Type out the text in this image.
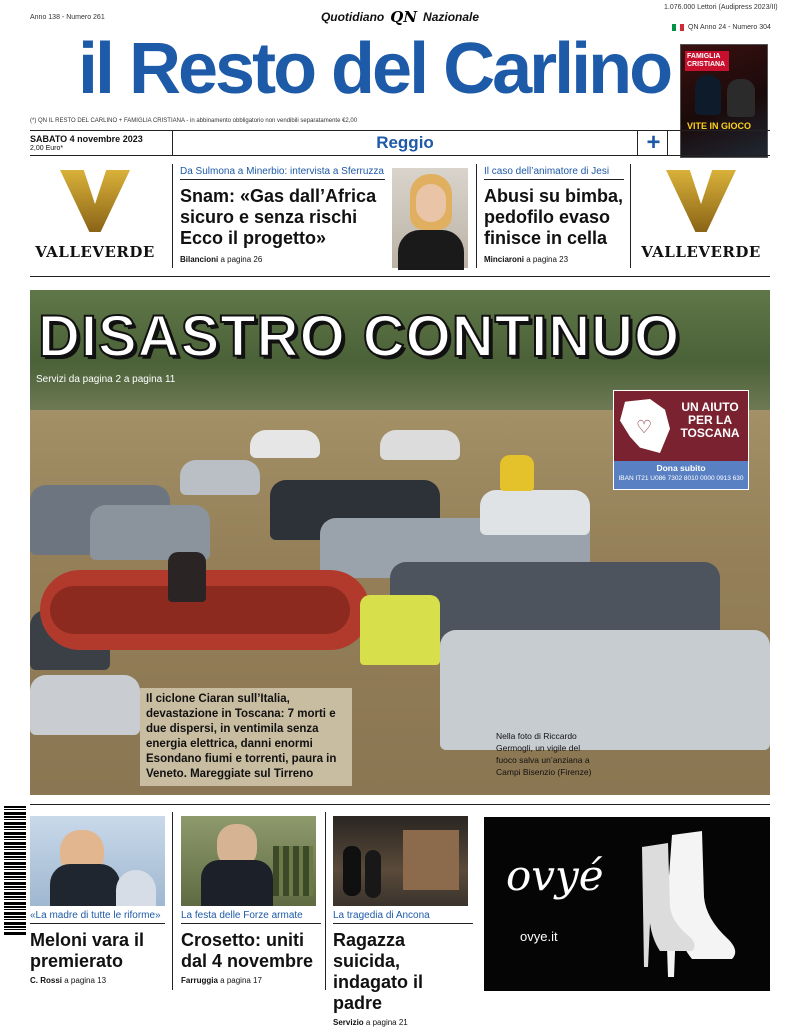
Anno 138 - Numero 261	Quotidiano QN Nazionale
1.076.000 Lettori (Audipress 2023/II)
QN Anno 24 - Numero 304
il Resto del Carlino	FAMIGLIA CRISTIANA
VITE IN GIOCO
(*) QN IL RESTO DEL CARLINO + FAMIGLIA CRISTIANA - in abbinamento obbligatorio non vendibili separatamente €2,00
SABATO 4 novembre 2023
2,00 Euro*	Reggio	+
VALLEVERDE
Da Sulmona a Minerbio: intervista a Sferruzza
Snam: «Gas dall’Africa sicuro e senza rischi Ecco il progetto»
Bilancioni a pagina 26
Il caso dell’animatore di Jesi
Abusi su bimba, pedofilo evaso finisce in cella
Minciaroni a pagina 23	VALLEVERDE
DISASTRO CONTINUO
Servizi da pagina 2 a pagina 11
♡
UN AIUTO PER LA TOSCANA
Dona subito
IBAN IT21 U086 7302 8010 0000 0913 630
Il ciclone Ciaran sull’Italia, devastazione in Toscana: 7 morti e due dispersi, in ventimila senza energia elettrica, danni enormi Esondano fiumi e torrenti, paura in Veneto. Mareggiate sul Tirreno
Nella foto di Riccardo Germogli, un vigile del fuoco salva un’anziana a Campi Bisenzio (Firenze)
«La madre di tutte le riforme»
Meloni vara il premierato
C. Rossi a pagina 13
La festa delle Forze armate
Crosetto: uniti dal 4 novembre
Farruggia a pagina 17
La tragedia di Ancona
Ragazza suicida, indagato il padre
Servizio a pagina 21
ovyé
ovye.it
